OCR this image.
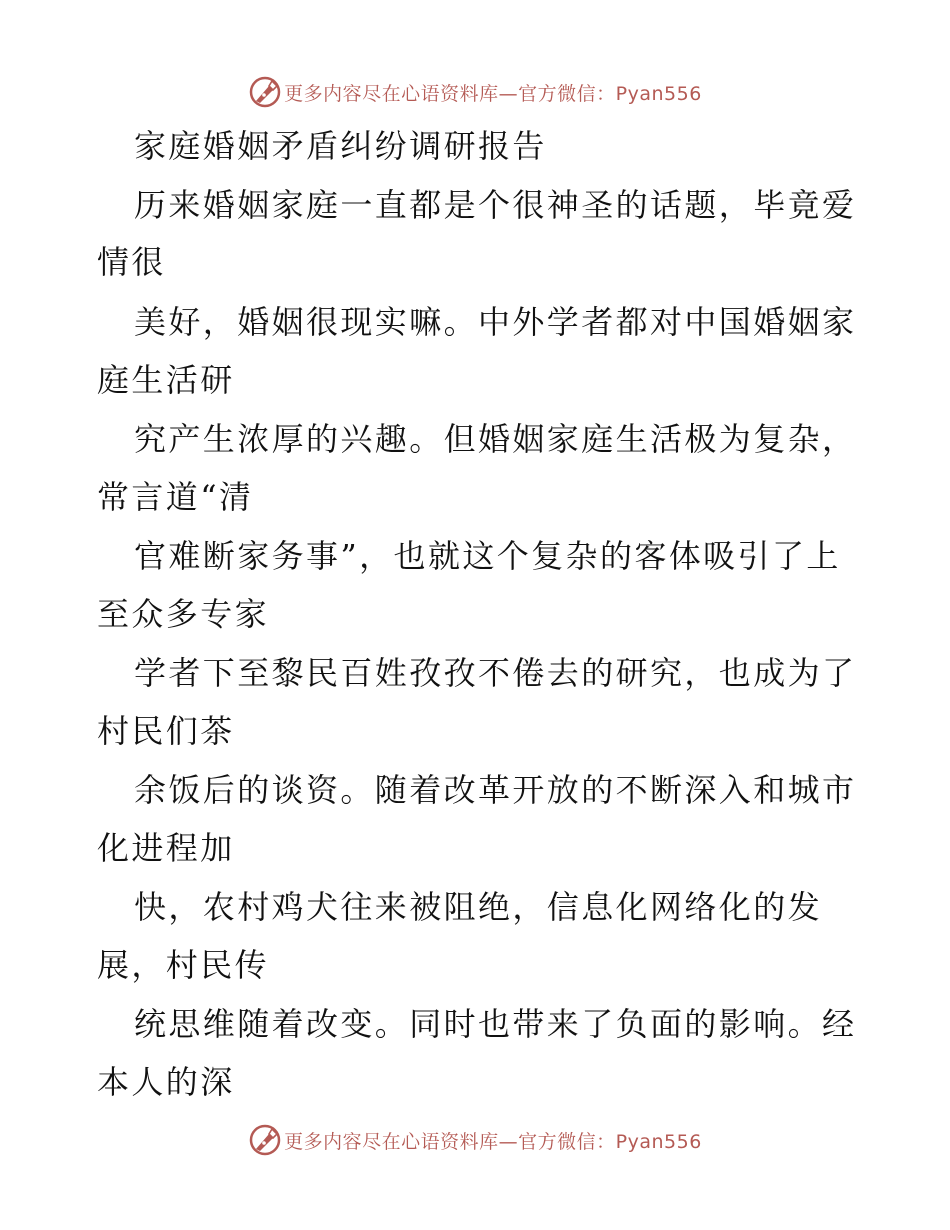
更多内容尽在心语资料库—官方微信：Pyan556
家庭婚姻矛盾纠纷调研报告
历来婚姻家庭一直都是个很神圣的话题，毕竟爱
情很
美好，婚姻很现实嘛。中外学者都对中国婚姻家
庭生活研
究产生浓厚的兴趣。但婚姻家庭生活极为复杂，
常言道“清
官难断家务事”，也就这个复杂的客体吸引了上
至众多专家
学者下至黎民百姓孜孜不倦去的研究，也成为了
村民们茶
余饭后的谈资。随着改革开放的不断深入和城市
化进程加
快，农村鸡犬往来被阻绝，信息化网络化的发
展，村民传
统思维随着改变。同时也带来了负面的影响。经
本人的深
更多内容尽在心语资料库—官方微信：Pyan556
